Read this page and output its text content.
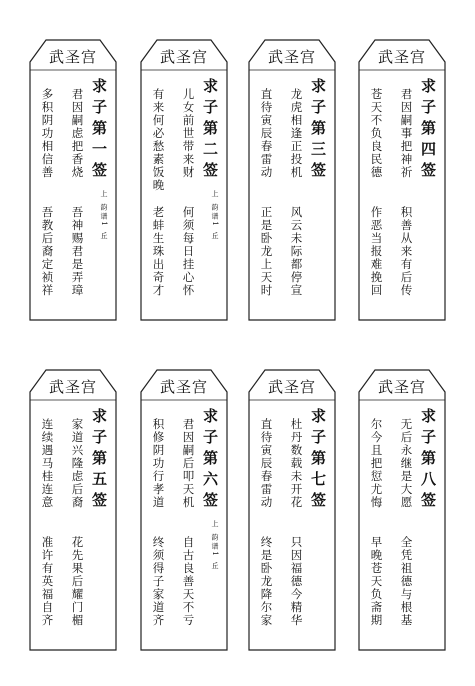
武圣宫
求子第一签
君因嗣虑把香烧
多积阴功相信善
吾神赐君是弄璋
吾教后裔定祯祥	上 韵谱1 丘
武圣宫
求子第二签
儿女前世带来财
有来何必愁素饭晚
何须每日挂心怀
老蚌生珠出奇才	上 韵谱1 丘
武圣宫
求子第三签
龙虎相逢正投机
直待寅辰春雷动
风云未际都停宣
正是卧龙上天时
武圣宫
求子第四签
君因嗣事把神祈
苍天不负良民德
积善从来有后传
作恶当报难挽回
武圣宫
求子第五签
家道兴隆虑后裔
连续遇马桂连意
花先果后耀门楣
准许有英福自齐
武圣宫
求子第六签
君因嗣后叩天机
积修阴功行孝道
自古良善天不亏
终须得子家道齐	上 韵谱1 丘
武圣宫
求子第七签
杜丹数载未开花
直待寅辰春雷动
只因福德今精华
终是卧龙降尔家
武圣宫
求子第八签
无后永继是大愿
尔今且把愆尤悔
全凭祖德与根基
早晚苍天负斋期
